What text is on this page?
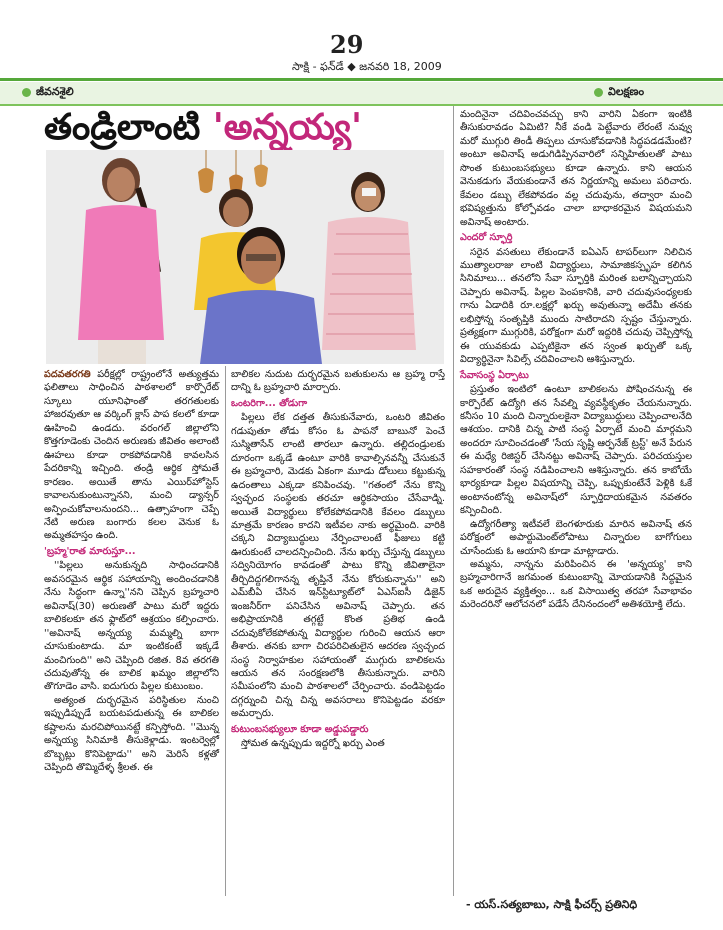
29
సాక్షి - ఫన్‌డే ◆ జనవరి 18, 2009
జీవనశైలి	విలక్షణం
తండ్రిలాంటి 'అన్నయ్య'

పదవతరగతి పరీక్షల్లో రాష్ట్రంలోనే అత్యుత్తమ ఫలితాలు సాధించిన పాఠశాలలో కార్పొరేట్ స్కూలు యూనిఫాంతో తరగతులకు హాజరవుతూ ఆ వర్కింగ్ క్లాస్ పాప కలలో కూడా ఊహించి ఉండదు. వరంగల్ జిల్లాలోని కొత్తగూడెంకు చెందిన అరుణకు జీవితం అలాంటి ఊహలు కూడా రాకపోవడానికి కావలసిన పేదరికాన్ని ఇచ్చింది. తండ్రి ఆర్థిక స్తోమతే కారణం. అయితే తాను ఎయిర్‌హోస్టెస్ కావాలనుకుంటున్నానని, మంచి డ్యాన్సర్ అన్పించుకోవాలనుందని... ఉత్సాహంగా చెప్పే నేటి అరుణ బంగారు కలల వెనుక ఓ అమ్మతహస్తం ఉంది.

'బ్రహ్మ'రాత మారుస్తూ...

''పిల్లలు అనుకున్నది సాధించడానికి అవసరమైన ఆర్థిక సహాయాన్ని అందించడానికి నేను సిద్ధంగా ఉన్నా''నని చెప్పిన బ్రహ్మచారి అవినాష్(30) అరుణతో పాటు మరో ఇద్దరు బాలికలకూ తన ఫ్లాట్‌లో ఆశ్రయం కల్పించారు. ''అవినాష్ అన్నయ్య మమ్మల్ని బాగా చూసుకుంటాడు. మా ఇంటికంటే ఇక్కడే మంచిగుంది'' అని చెప్పింది రజిత. 8వ తరగతి చదువుతోన్న ఈ బాలిక ఖమ్మం జిల్లాలోని తొగూడెం వాసి. ఐదుగురు పిల్లల కుటుంబం.

అత్యంత దుర్భరమైన పరిస్థితుల నుంచి ఇప్పుడిప్పుడే బయటపడుతున్న ఈ బాలికల కష్టాలను మరచిపోయినట్టే కన్పిస్తోంది. ''మొన్న అన్నయ్య సినిమాకి తీసుకెళ్లాడు. ఇంటర్వెల్లో బొబ్బట్లు కొనిపెట్టాడు'' అని మెరిసే కళ్లతో చెప్పింది తొమ్మిదేళ్ళ శ్రీలత. ఈ

బాలికల నుదుట దుర్భరమైన బతుకులను ఆ బ్రహ్మ రాస్తే దాన్ని ఓ బ్రహ్మచారి మార్చారు.

ఒంటరిగా... తోడుగా

పిల్లలు లేక దత్తత తీసుకునేవారు, ఒంటరి జీవితం గడుపుతూ తోడు కోసం ఓ పాపనో బాబునో పెంచే సుస్మితాసేన్ లాంటి తారలూ ఉన్నారు. తల్లిదండ్రులకు దూరంగా ఒక్కడే ఉంటూ వారికి కావాల్సినవన్నీ చేసుకునే ఈ బ్రహ్మచారి, మెడకు ఏకంగా మూడు డోలులు కట్టుకున్న ఉదంతాలు ఎక్కడా కనిపించవు. ''గతంలో నేను కొన్ని స్వచ్ఛంద సంస్థలకు తరచూ ఆర్థికసాయం చేసేవాడ్ని. అయితే విద్యార్థులు కోలేకపోవడానికి కేవలం డబ్బులు మాత్రమే కారణం కాదని ఇటీవల నాకు అర్థమైంది. వారికి చక్కని విద్యాబుద్ధులు నేర్పించాలంటే ఫీజులు కట్టి ఊరుకుంటే చాలదన్పించింది. నేను ఖర్చు చేస్తున్న డబ్బులు సద్వినియోగం కావడంతో పాటు కొన్ని జీవితాలైనా తీర్చిదిద్దగలిగానన్న తృప్తినే నేను కోరుకున్నాను'' అని ఎమ్‌బీఏ చేసిన ఇన్‌స్టిట్యూట్‌లో ఏఎస్‌ఐసీ డిజైన్ ఇంజనీర్‌గా పనిచేసిన అవినాష్ చెప్పారు. తన అభిప్రాయానికి తగ్గట్టే కొంత ప్రతిభ ఉండి చదువుకోలేకపోతున్న విద్యార్థుల గురించి ఆయన ఆరా తీశారు. తనకు బాగా చిరపరిచితులైన ఆదరణ స్వచ్ఛంద సంస్థ నిర్వాహకుల సహాయంతో ముగ్గురు బాలికలను ఆయన తన సంరక్షణలోకి తీసుకున్నారు. వారిని సమీపంలోని మంచి పాఠశాలలో చేర్పించారు. వండిపెట్టడం దగ్గర్నుంచి చిన్న చిన్న అవసరాలు కొనిపెట్టడం వరకూ అమర్చారు.

కుటుంబసభ్యులూ కూడా అడ్డుపడ్డారు

స్తోమత ఉన్నప్పుడు ఇద్దర్నో ఖర్చు ఎంత

మందినైనా చదివించవచ్చు కాని వారిని ఏకంగా ఇంటికి తీసుకురావడం ఏమిటి? నీకే వండి పెట్టేవారు లేరంటే నువ్వు మరో ముగ్గురి తిండీ తిప్పలు చూసుకోవడానికి సిద్ధపడడమేంటి? అంటూ అవినాష్ అడుగిడిప్పినవారిలో సన్నిహితులతో పాటు సొంత కుటుంబసభ్యులు కూడా ఉన్నారు. కాని ఆయన వెనుకడుగు వేయకుండానే తన నిర్ణయాన్ని అమలు పరిచారు. కేవలం డబ్బు లేకపోవడం వల్ల చదువును, తద్వారా మంచి భవిష్యత్తును కోల్పోవడం చాలా బాధాకరమైన విషయమని అవినాష్ అంటారు.

ఎందరో స్ఫూర్తి

సరైన వసతులు లేకుండానే ఐఏఎస్ టాపర్‌లుగా నిలిచిన ముత్యాలరాజు లాంటి విద్యార్థులు, సామాజికస్పృహ కలిగిన సినిమాలు... తనలోని సేవా స్ఫూర్తికి మరింత బలాన్నిచ్చాయని చెప్పారు అవినాష్. పిల్లల పెంపకానికి, వారి చదువుసంధ్యలకు గాను ఏడాదికి రూ.లక్షల్లో ఖర్చు అవుతున్నా అదేమీ తనకు లభిస్తోన్న సంతృప్తికి ముందు సాటిరాదని స్పష్టం చేస్తున్నారు. ప్రత్యక్షంగా ముగ్గురికి, పరోక్షంగా మరో ఇద్దరికి చదువు చెప్పిస్తోన్న ఈ యువకుడు ఎప్పటికైనా తన స్వంత ఖర్చుతో ఒక్క విద్యార్థినైనా సివిల్స్ చదివించాలని ఆశిస్తున్నారు.

సేవాసంస్థ ఏర్పాటు

ప్రస్తుతం ఇంటిలో ఉంటూ బాలికలను పోషించనున్న ఈ కార్పొరేట్ ఉద్యోగి తన సేవల్ని వ్యవస్థీకృతం చేయనున్నారు. కనీసం 10 మంది చిన్నారులకైనా విద్యాబుద్ధులు చెప్పించాలనేది ఆశయం. దానికి చిన్న పాటి సంస్థ ఏర్పాటే మంచి మార్గమని అందరూ సూచించడంతో 'సేయ సృష్టి ఆర్ఫనేజ్ ట్రస్ట్' అనే పేరున ఈ మధ్యే రిజిస్టర్ చేసినట్టు అవినాష్ చెప్పారు. పరిచయస్తుల సహకారంతో సంస్థ నడిపించాలని ఆశిస్తున్నారు. తన కాబోయే భార్యకూడా పిల్లల విషయాన్ని చెప్పి, ఒప్పుకుంటేనే పెళ్లికి ఓకే అంటానంటోన్న అవినాష్‌లో స్ఫూర్తిదాయకమైన నవతరం కన్పించింది.

ఉద్యోగరీత్యా ఇటీవలే బెంగళూరుకు మారిన అవినాష్ తన పరోక్షంలో అపార్టుమెంట్‌లోపాటు చిన్నారుల బాగోగులు చూసేందుకు ఓ ఆయాని కూడా మాట్లాడారు.

అమ్మను, నాన్నను మరిపించిన ఈ 'అన్నయ్య' కాని బ్రహ్మచారిగానే జగమంత కుటుంబాన్ని మోయడానికి సిద్ధమైన ఒక అరుదైన వ్యక్తిత్వం... ఒక విసాయిత్వ తరహా సేవాభావం మరెందరినో ఆలోచనలో పడేసే దేనినందంలో అతిశయోక్తి లేదు.

- యస్.సత్యబాబు, సాక్షి ఫీచర్స్ ప్రతినిధి
